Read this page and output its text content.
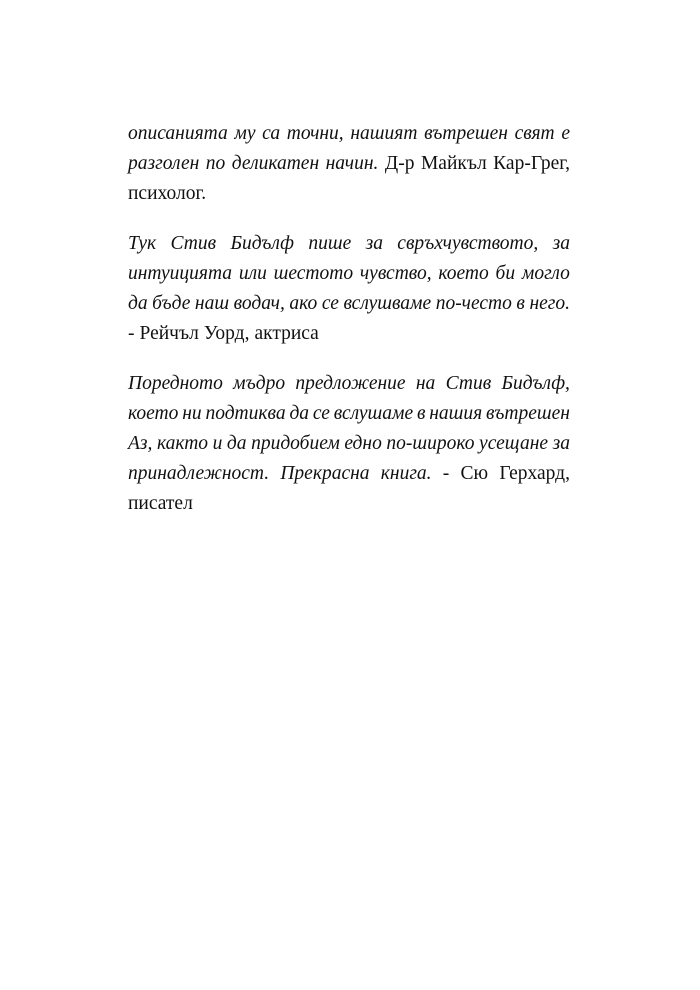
описанията му са точни, нашият вътрешен свят е
разголен по деликатен начин. Д-р Майкъл Кар-Грег,
психолог.
Тук Стив Бидълф пише за свръхчувството, за
интуицията или шестото чувство, което би могло
да бъде наш водач, ако се вслушваме по-често в него.
- Рейчъл Уорд, актриса
Поредното мъдро предложение на Стив Бидълф,
което ни подтиква да се вслушаме в нашия вътрешен
Аз, както и да придобием едно по-широко усещане за
принадлежност. Прекрасна книга. - Сю Герхард,
писател
